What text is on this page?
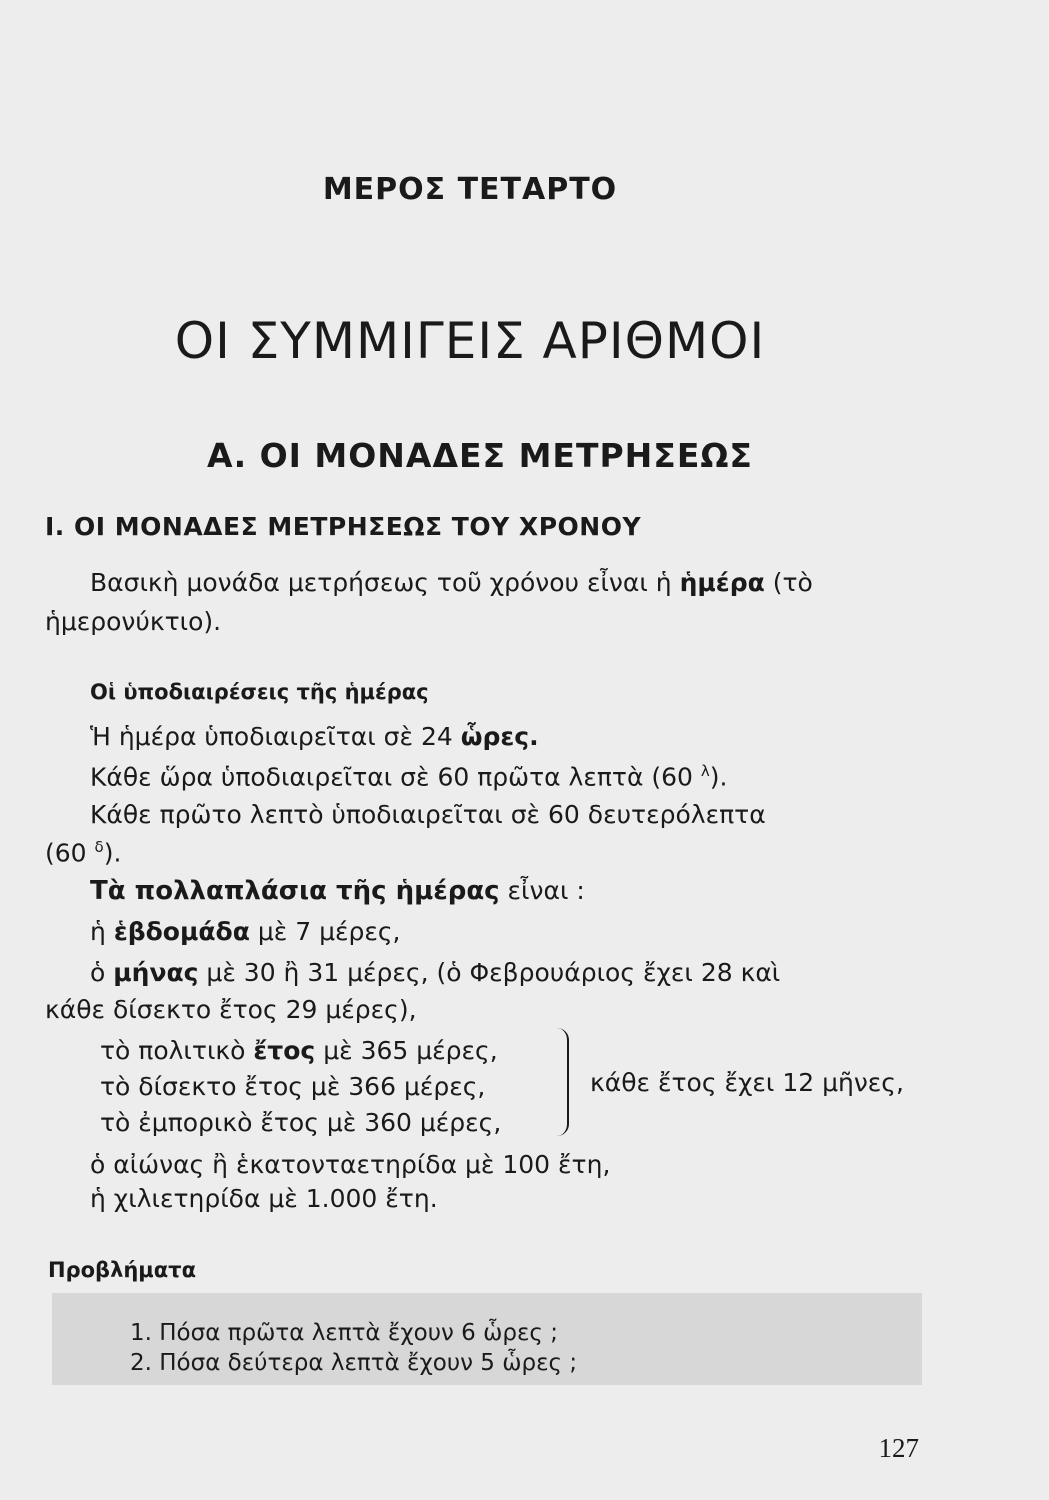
ΜΕΡΟΣ ΤΕΤΑΡΤΟ
ΟΙ ΣΥΜΜΙΓΕΙΣ ΑΡΙΘΜΟΙ
Α. ΟΙ ΜΟΝΑΔΕΣ ΜΕΤΡΗΣΕΩΣ
Ι. ΟΙ ΜΟΝΑΔΕΣ ΜΕΤΡΗΣΕΩΣ ΤΟΥ ΧΡΟΝΟΥ
Βασικὴ μονάδα μετρήσεως τοῦ χρόνου εἶναι ἡ ἡμέρα (τὸ
ἡμερονύκτιο).
Οἱ ὑποδιαιρέσεις τῆς ἡμέρας
Ἡ ἡμέρα ὑποδιαιρεῖται σὲ 24 ὧρες.
Κάθε ὥρα ὑποδιαιρεῖται σὲ 60 πρῶτα λεπτὰ (60 $^\lambda$).
Κάθε πρῶτο λεπτὸ ὑποδιαιρεῖται σὲ 60 δευτερόλεπτα
(60 $^\delta$).
Τὰ πολλαπλάσια τῆς ἡμέρας εἶναι :
ἡ ἑβδομάδα μὲ 7 μέρες,
ὁ μήνας μὲ 30 ἢ 31 μέρες, (ὁ Φεβρουάριος ἔχει 28 καὶ
κάθε δίσεκτο ἔτος 29 μέρες),
τὸ πολιτικὸ ἔτος μὲ 365 μέρες,
τὸ δίσεκτο ἔτος μὲ 366 μέρες,
τὸ ἐμπορικὸ ἔτος μὲ 360 μέρες,
κάθε ἔτος ἔχει 12 μῆνες,
ὁ αἰώνας ἢ ἑκατονταετηρίδα μὲ 100 ἔτη,
ἡ χιλιετηρίδα μὲ 1.000 ἔτη.
Προβλήματα
1. Πόσα πρῶτα λεπτὰ ἔχουν 6 ὧρες ;
2. Πόσα δεύτερα λεπτὰ ἔχουν 5 ὧρες ;
127
